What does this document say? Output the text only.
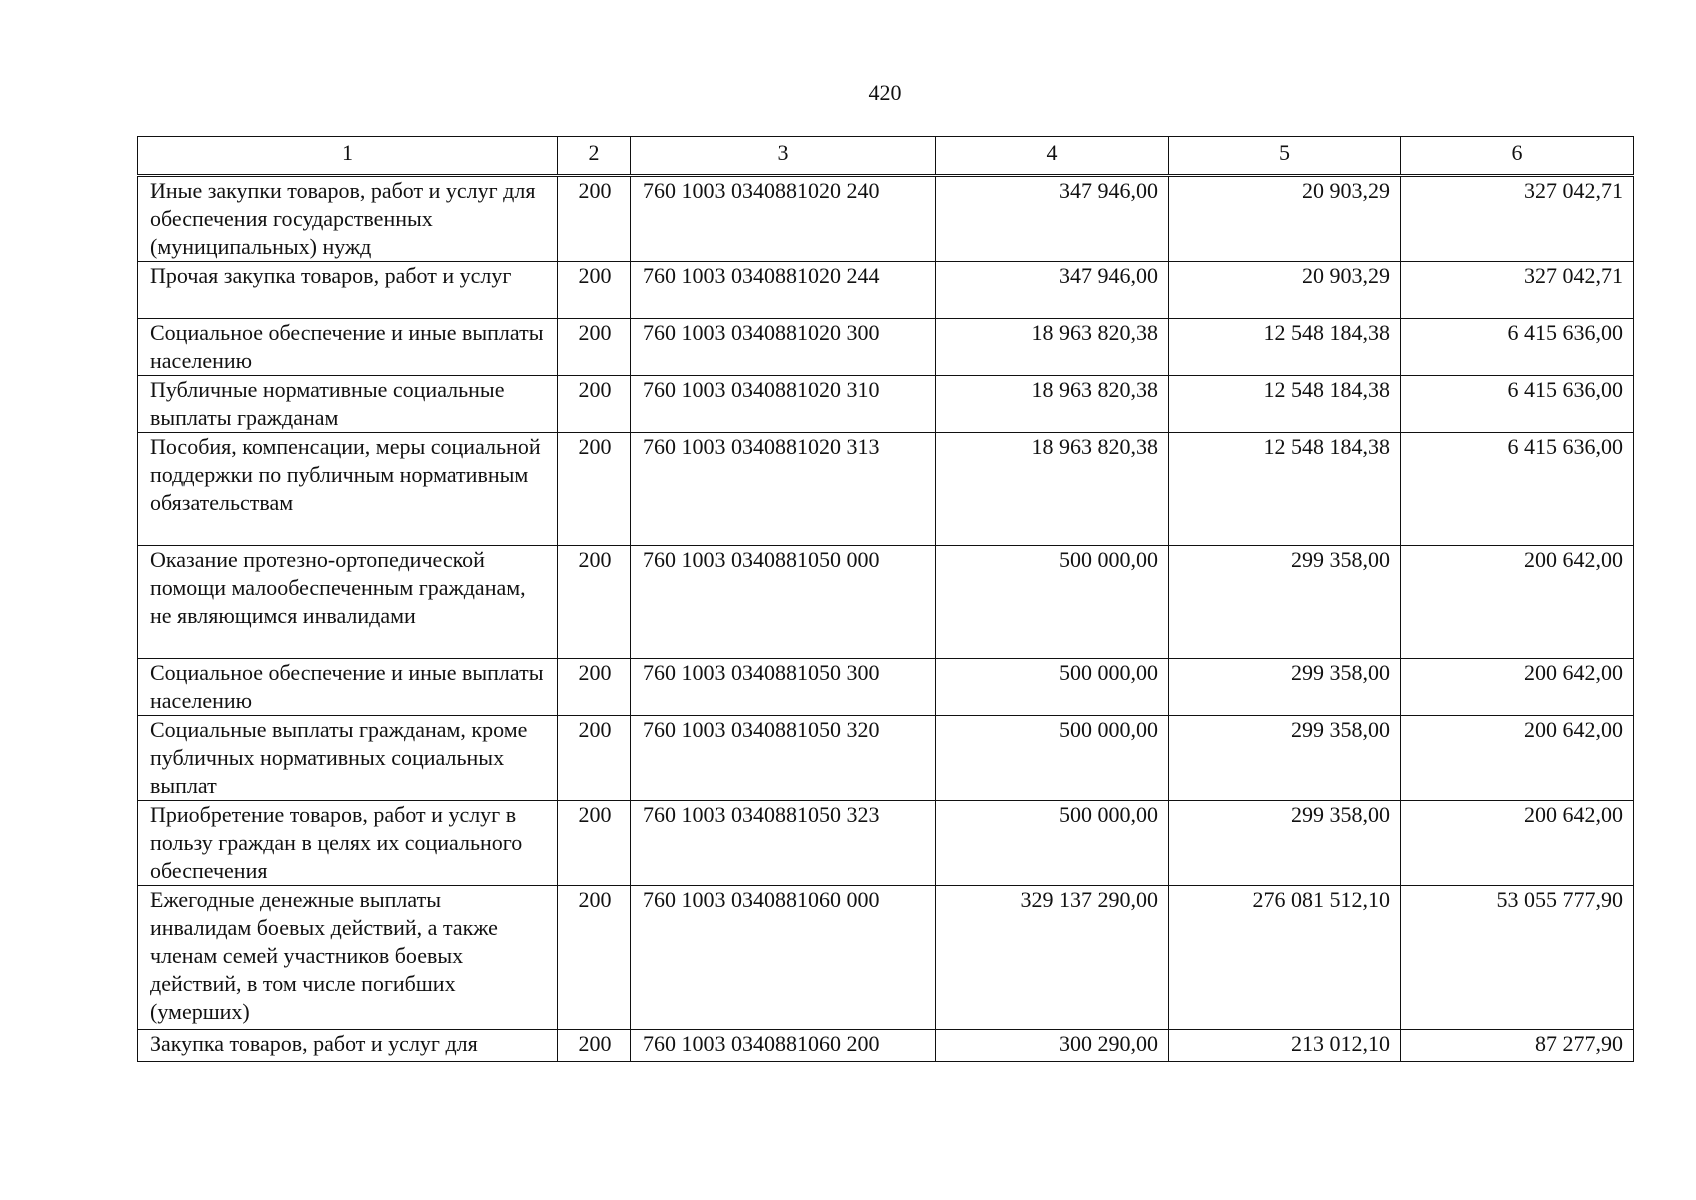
420
1	2	3	4	5	6
Иные закупки товаров, работ и услуг для обеспечения государственных (муниципальных) нужд	200	760 1003 0340881020 240	347 946,00	20 903,29	327 042,71
Прочая закупка товаров, работ и услуг	200	760 1003 0340881020 244	347 946,00	20 903,29	327 042,71
Социальное обеспечение и иные выплаты населению	200	760 1003 0340881020 300	18 963 820,38	12 548 184,38	6 415 636,00
Публичные нормативные социальные выплаты гражданам	200	760 1003 0340881020 310	18 963 820,38	12 548 184,38	6 415 636,00
Пособия, компенсации, меры социальной поддержки по публичным нормативным обязательствам	200	760 1003 0340881020 313	18 963 820,38	12 548 184,38	6 415 636,00
Оказание протезно-ортопедической помощи малообеспеченным гражданам, не являющимся инвалидами	200	760 1003 0340881050 000	500 000,00	299 358,00	200 642,00
Социальное обеспечение и иные выплаты населению	200	760 1003 0340881050 300	500 000,00	299 358,00	200 642,00
Социальные выплаты гражданам, кроме публичных нормативных социальных выплат	200	760 1003 0340881050 320	500 000,00	299 358,00	200 642,00
Приобретение товаров, работ и услуг в пользу граждан в целях их социального обеспечения	200	760 1003 0340881050 323	500 000,00	299 358,00	200 642,00
Ежегодные денежные выплаты инвалидам боевых действий, а также членам семей участников боевых действий, в том числе погибших (умерших)	200	760 1003 0340881060 000	329 137 290,00	276 081 512,10	53 055 777,90
Закупка товаров, работ и услуг для	200	760 1003 0340881060 200	300 290,00	213 012,10	87 277,90
